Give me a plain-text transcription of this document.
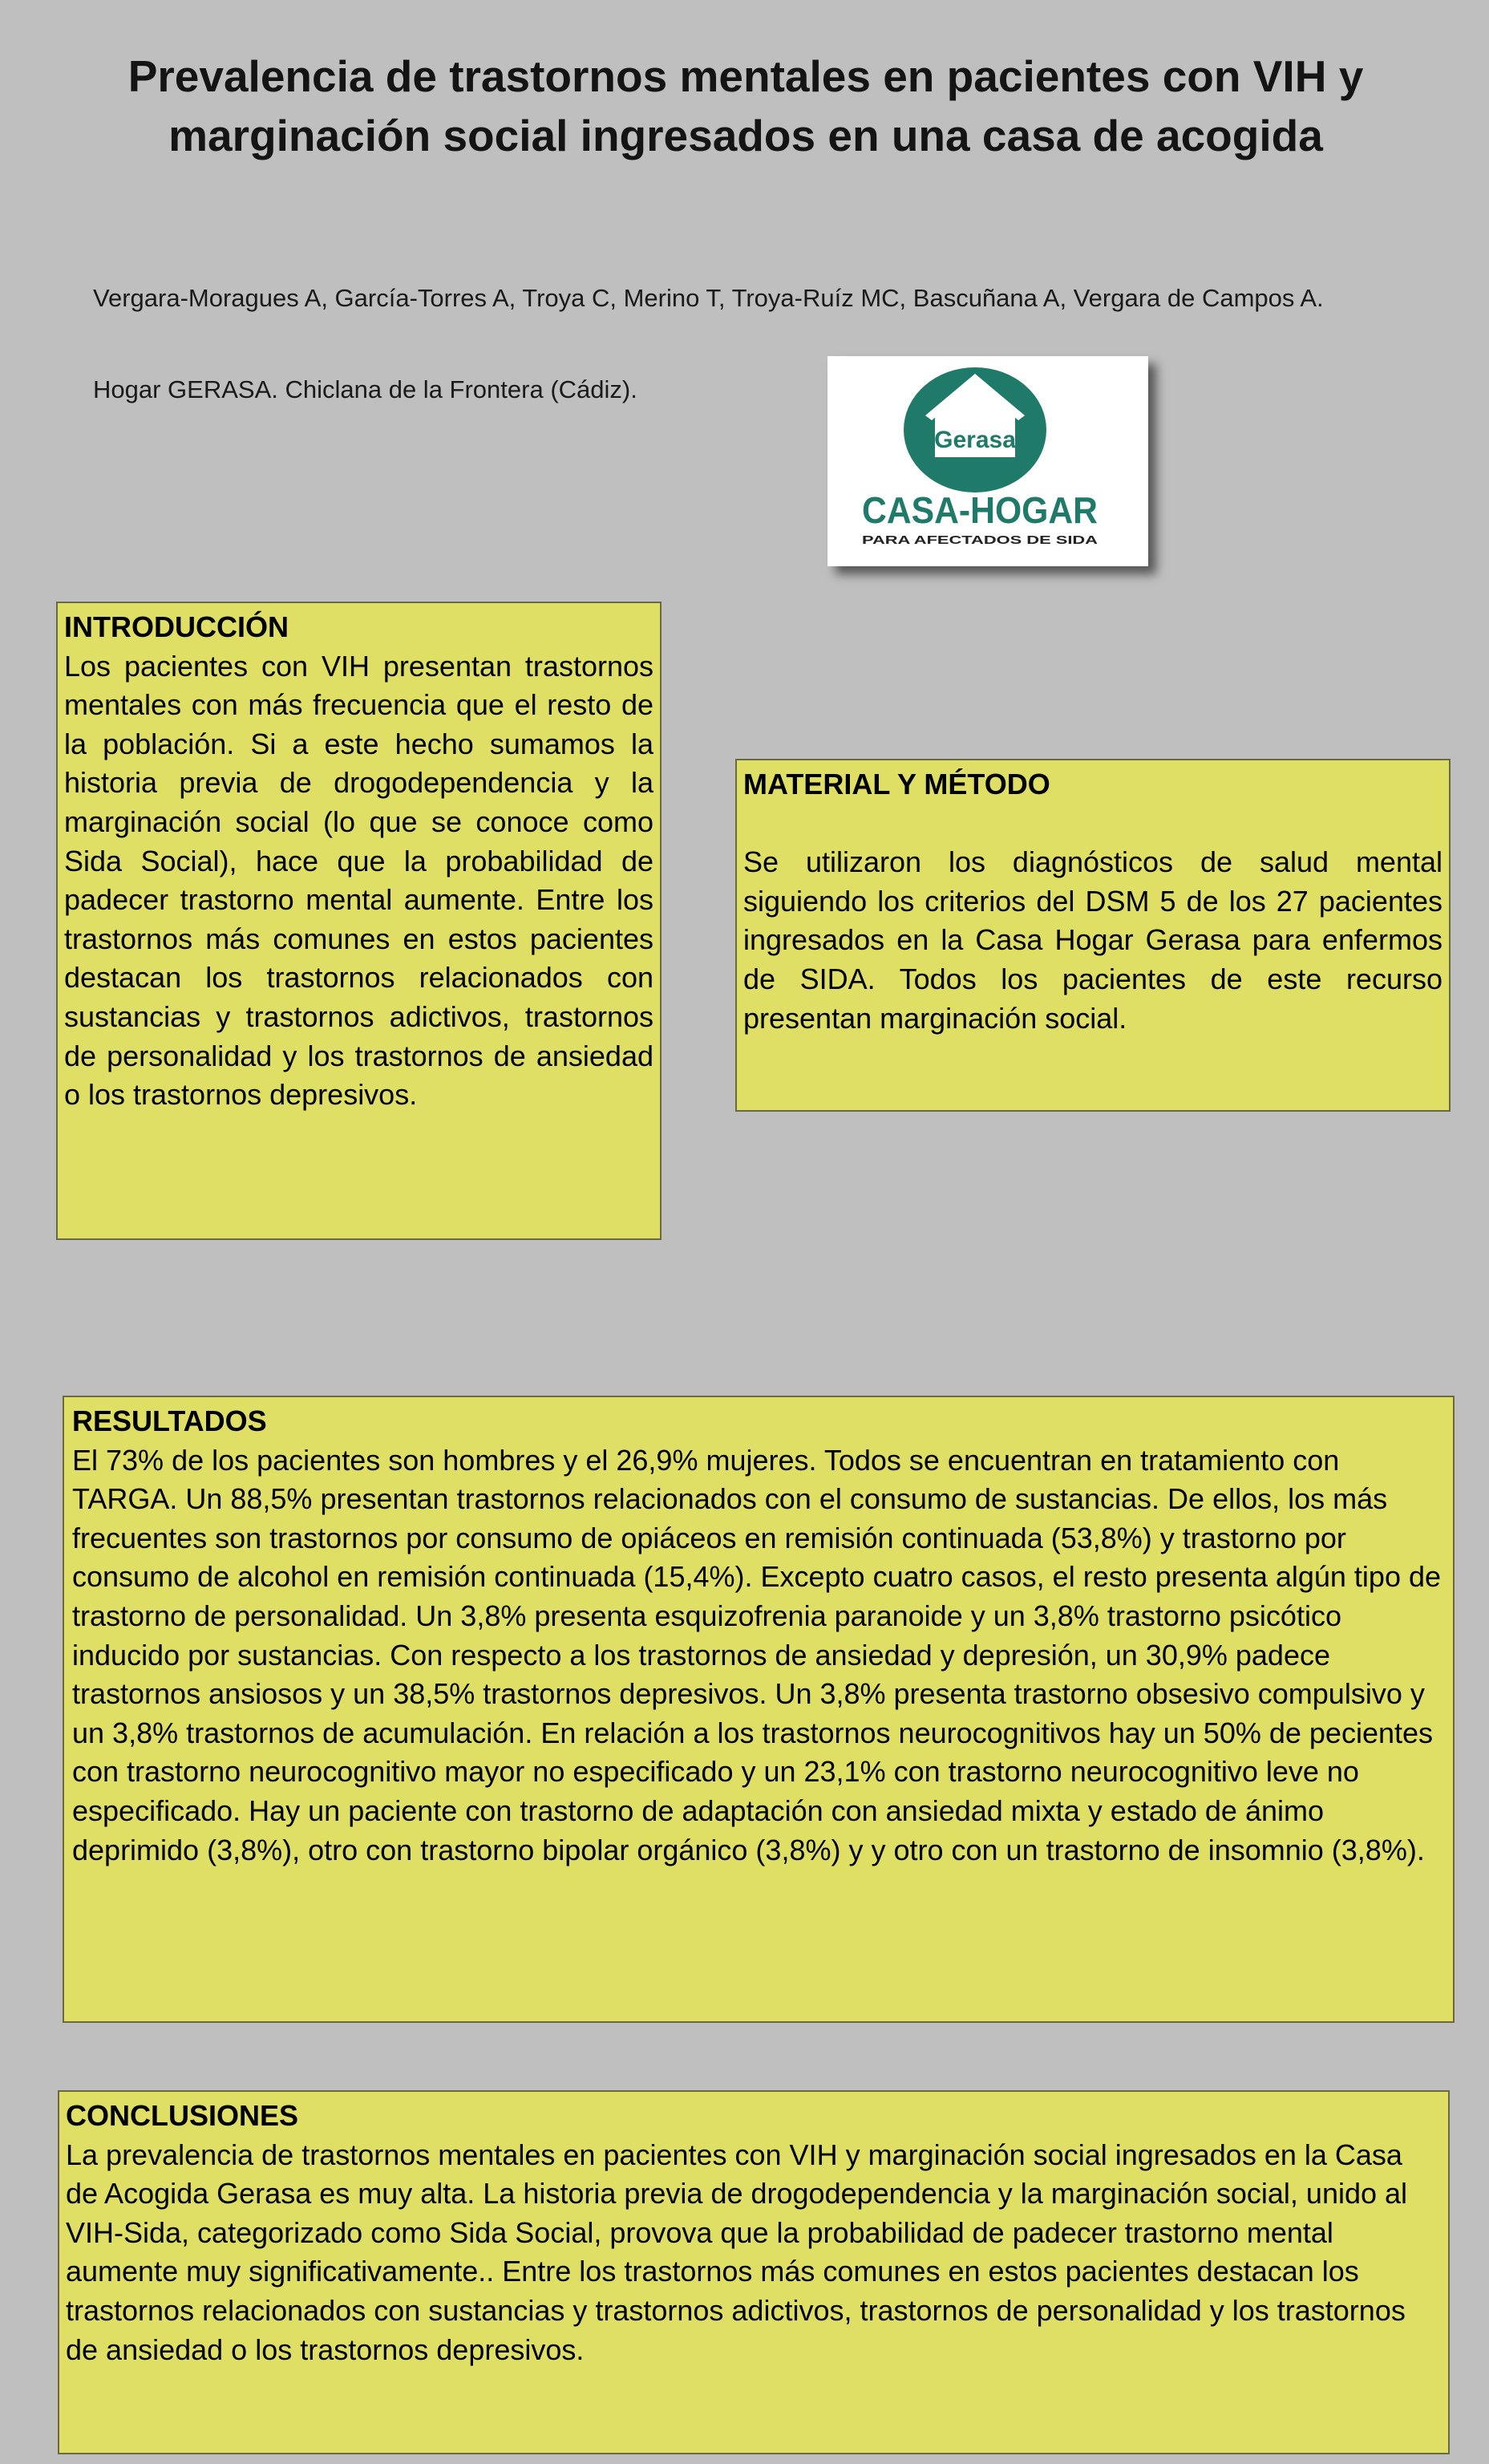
Prevalencia de trastornos mentales en pacientes con VIH y marginación social ingresados en una casa de acogida
Vergara-Moragues A, García-Torres A, Troya C, Merino T, Troya-Ruíz MC, Bascuñana A, Vergara de Campos A.
Hogar GERASA. Chiclana de la Frontera (Cádiz).
Gerasa
CASA-HOGAR
PARA AFECTADOS DE SIDA
INTRODUCCIÓN
Los pacientes con VIH presentan trastornos mentales con más frecuencia que el resto de la población. Si a este hecho sumamos la historia previa de drogodependencia y la marginación social (lo que se conoce como Sida Social), hace que la probabilidad de padecer trastorno mental aumente. Entre los trastornos más comunes en estos pacientes destacan los trastornos relacionados con sustancias y trastornos adictivos, trastornos de personalidad y los trastornos de ansiedad o los trastornos depresivos.
MATERIAL Y MÉTODO
Se utilizaron los diagnósticos de salud mental siguiendo los criterios del DSM 5 de los 27 pacientes ingresados en la Casa Hogar Gerasa para enfermos de SIDA. Todos los pacientes de este recurso presentan marginación social.
RESULTADOS
El 73% de los pacientes son hombres y el 26,9% mujeres. Todos se encuentran en tratamiento con TARGA. Un 88,5% presentan trastornos relacionados con el consumo de sustancias. De ellos, los más frecuentes son trastornos por consumo de opiáceos en remisión continuada (53,8%) y trastorno por consumo de alcohol en remisión continuada (15,4%). Excepto cuatro casos, el resto presenta algún tipo de trastorno de personalidad. Un 3,8% presenta esquizofrenia paranoide y un 3,8% trastorno psicótico inducido por sustancias. Con respecto a los trastornos de ansiedad y depresión, un 30,9% padece trastornos ansiosos y un 38,5% trastornos depresivos. Un 3,8% presenta trastorno obsesivo compulsivo y un 3,8% trastornos de acumulación. En relación a los trastornos neurocognitivos hay un 50% de pecientes con trastorno neurocognitivo mayor no especificado y un 23,1% con trastorno neurocognitivo leve no especificado. Hay un paciente con trastorno de adaptación con ansiedad mixta y estado de ánimo deprimido (3,8%), otro con trastorno bipolar orgánico (3,8%) y y otro con un trastorno de insomnio (3,8%).
CONCLUSIONES
La prevalencia de trastornos mentales en pacientes con VIH y marginación social ingresados en la Casa de Acogida Gerasa es muy alta. La historia previa de drogodependencia y la marginación social, unido al VIH-Sida, categorizado como Sida Social, provova que la probabilidad de padecer trastorno mental aumente muy significativamente.. Entre los trastornos más comunes en estos pacientes destacan los trastornos relacionados con sustancias y trastornos adictivos, trastornos de personalidad y los trastornos de ansiedad o los trastornos depresivos.
